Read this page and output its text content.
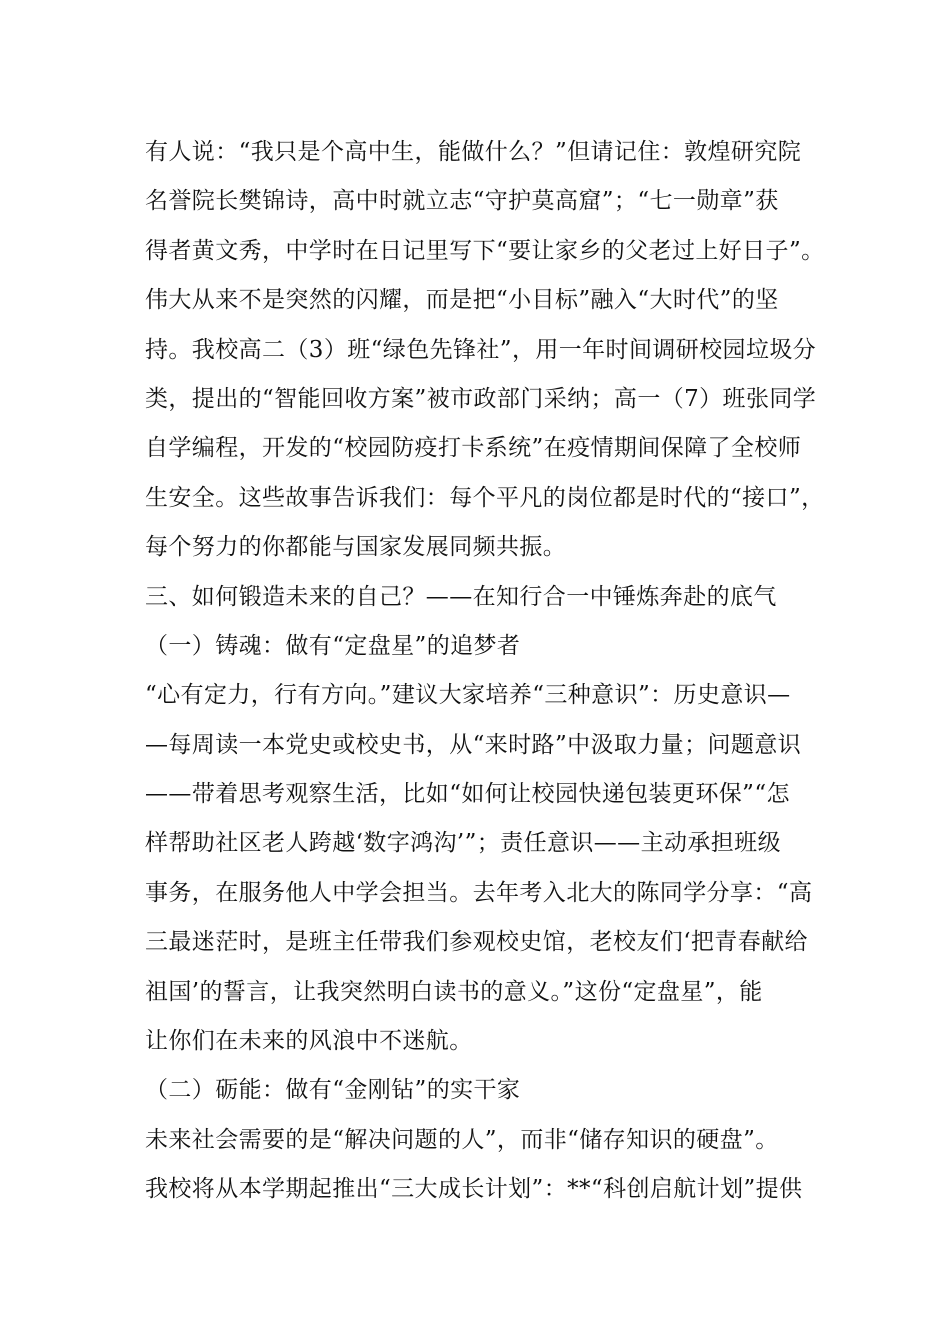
有人说：“我只是个高中生，能做什么？”但请记住：敦煌研究院
名誉院长樊锦诗，高中时就立志“守护莫高窟”；“七一勋章”获
得者黄文秀，中学时在日记里写下“要让家乡的父老过上好日子”。
伟大从来不是突然的闪耀，而是把“小目标”融入“大时代”的坚
持。我校高二（3）班“绿色先锋社”，用一年时间调研校园垃圾分
类，提出的“智能回收方案”被市政部门采纳；高一（7）班张同学
自学编程，开发的“校园防疫打卡系统”在疫情期间保障了全校师
生安全。这些故事告诉我们：每个平凡的岗位都是时代的“接口”，
每个努力的你都能与国家发展同频共振。
三、如何锻造未来的自己？——在知行合一中锤炼奔赴的底气
（一）铸魂：做有“定盘星”的追梦者
“心有定力，行有方向。”建议大家培养“三种意识”：历史意识—
—每周读一本党史或校史书，从“来时路”中汲取力量；问题意识
——带着思考观察生活，比如“如何让校园快递包装更环保”“怎
样帮助社区老人跨越‘数字鸿沟’”；责任意识——主动承担班级
事务，在服务他人中学会担当。去年考入北大的陈同学分享：“高
三最迷茫时，是班主任带我们参观校史馆，老校友们‘把青春献给
祖国’的誓言，让我突然明白读书的意义。”这份“定盘星”，能
让你们在未来的风浪中不迷航。
（二）砺能：做有“金刚钻”的实干家
未来社会需要的是“解决问题的人”，而非“储存知识的硬盘”。
我校将从本学期起推出“三大成长计划”：**“科创启航计划”提供
